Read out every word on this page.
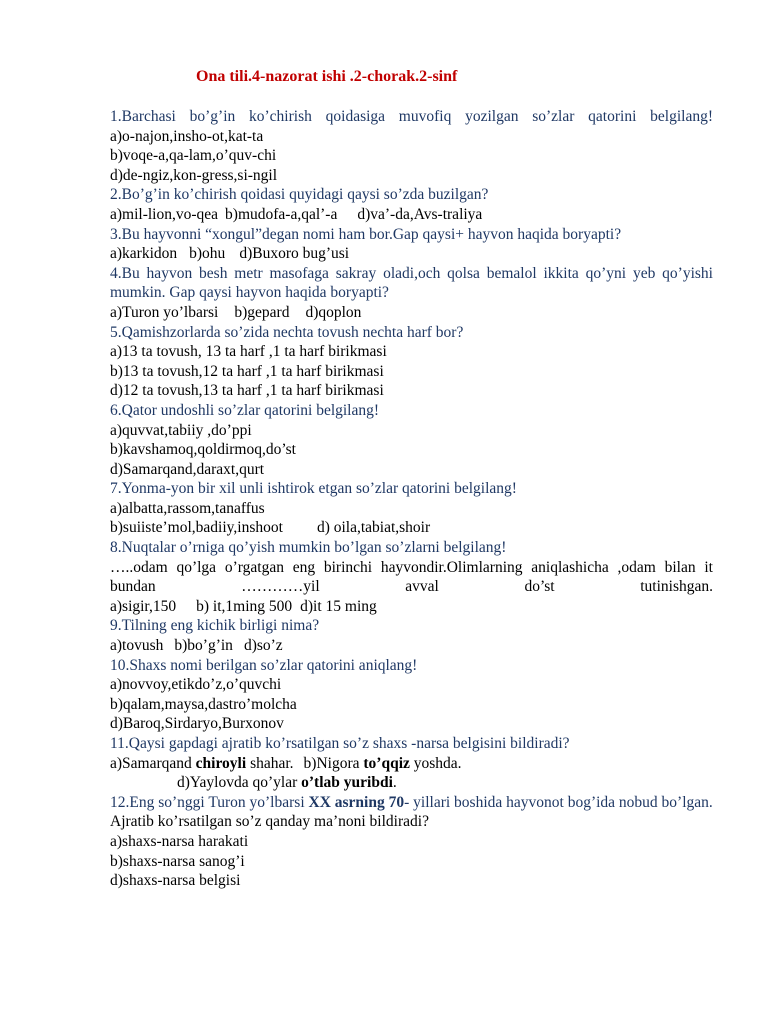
Ona tili.4-nazorat ishi .2-chorak.2-sinf
1.Barchasi bo’g’in ko’chirish qoidasiga muvofiq yozilgan so’zlar qatorini belgilang!
a)o-najon,insho-ot,kat-ta
b)voqe-a,qa-lam,o’quv-chi
d)de-ngiz,kon-gress,si-ngil
2.Bo’g’in ko’chirish qoidasi quyidagi qaysi so’zda buzilgan?
a)mil-lion,vo-qea b)mudofa-a,qal’-a d)va’-da,Avs-traliya
3.Bu hayvonni “xongul”degan nomi ham bor.Gap qaysi+ hayvon haqida boryapti?
a)karkidon b)ohu d)Buxoro bug’usi
4.Bu hayvon besh metr masofaga sakray oladi,och qolsa bemalol ikkita qo’yni yeb qo’yishi mumkin. Gap qaysi hayvon haqida boryapti?
a)Turon yo’lbarsi b)gepard d)qoplon
5.Qamishzorlarda so’zida nechta tovush nechta harf bor?
a)13 ta tovush, 13 ta harf ,1 ta harf birikmasi
b)13 ta tovush,12 ta harf ,1 ta harf birikmasi
d)12 ta tovush,13 ta harf ,1 ta harf birikmasi
6.Qator undoshli so’zlar qatorini belgilang!
a)quvvat,tabiiy ,do’ppi
b)kavshamoq,qoldirmoq,do’st
d)Samarqand,daraxt,qurt
7.Yonma-yon bir xil unli ishtirok etgan so’zlar qatorini belgilang!
a)albatta,rassom,tanaffus
b)suiiste’mol,badiiy,inshoot d) oila,tabiat,shoir
8.Nuqtalar o’rniga qo’yish mumkin bo’lgan so’zlarni belgilang!
…..odam qo’lga o’rgatgan eng birinchi hayvondir.Olimlarning aniqlashicha ,odam bilan it bundan …………yil avval do’st tutinishgan.
a)sigir,150 b) it,1ming 500 d)it 15 ming
9.Tilning eng kichik birligi nima?
a)tovush b)bo’g’in d)so’z
10.Shaxs nomi berilgan so’zlar qatorini aniqlang!
a)novvoy,etikdo’z,o’quvchi
b)qalam,maysa,dastro’molcha
d)Baroq,Sirdaryo,Burxonov
11.Qaysi gapdagi ajratib ko’rsatilgan so’z shaxs -narsa belgisini bildiradi?
a)Samarqand chiroyli shahar. b)Nigora to’qqiz yoshda.
d)Yaylovda qo’ylar o’tlab yuribdi.
12.Eng so’nggi Turon yo’lbarsi XX asrning 70- yillari boshida hayvonot bog’ida nobud bo’lgan.
Ajratib ko’rsatilgan so’z qanday ma’noni bildiradi?
a)shaxs-narsa harakati
b)shaxs-narsa sanog’i
d)shaxs-narsa belgisi
